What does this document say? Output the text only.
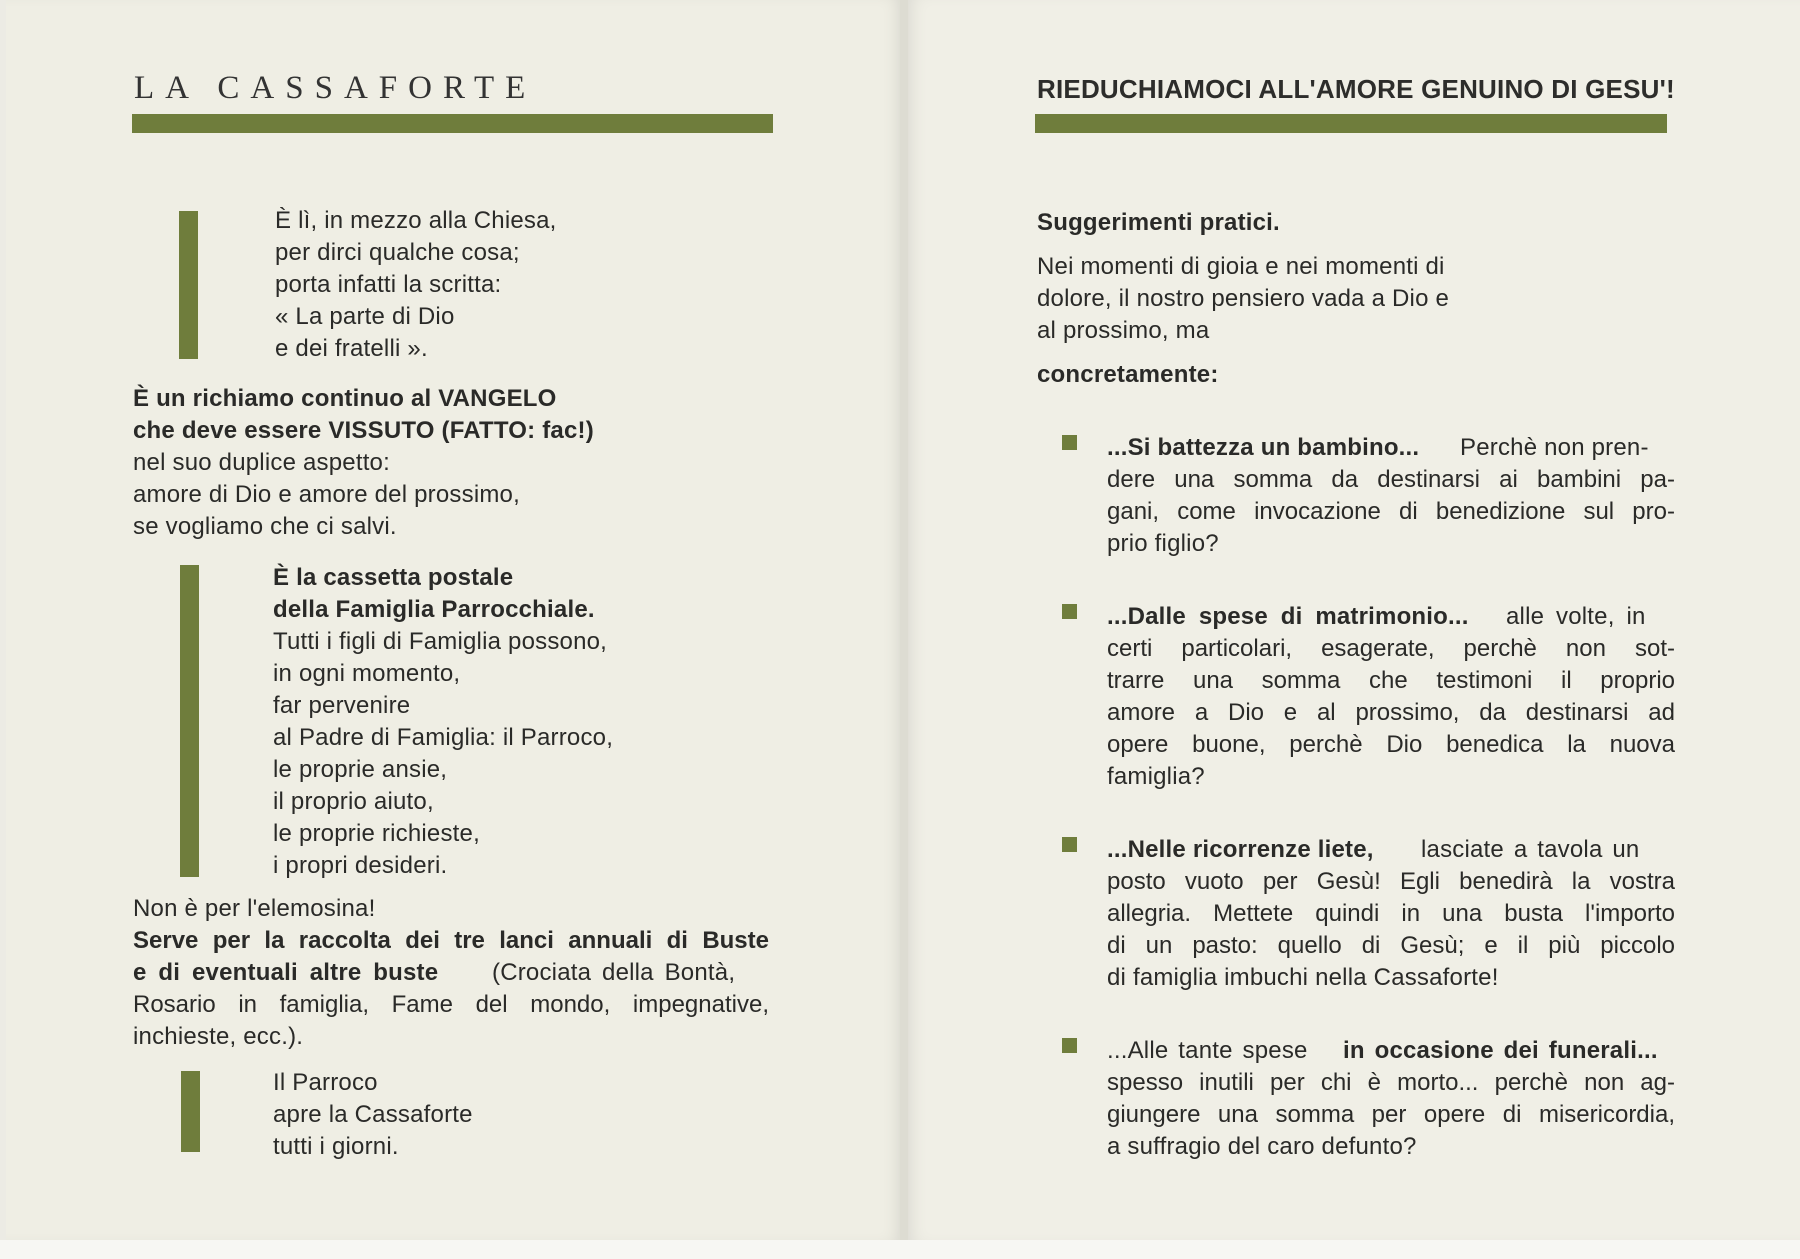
LA CASSAFORTE
È lì, in mezzo alla Chiesa,
per dirci qualche cosa;
porta infatti la scritta:
« La parte di Dio
e dei fratelli ».
È un richiamo continuo al VANGELO
che deve essere VISSUTO (FATTO: fac!)
nel suo duplice aspetto:
amore di Dio e amore del prossimo,
se vogliamo che ci salvi.
È la cassetta postale
della Famiglia Parrocchiale.
Tutti i figli di Famiglia possono,
in ogni momento,
far pervenire
al Padre di Famiglia: il Parroco,
le proprie ansie,
il proprio aiuto,
le proprie richieste,
i propri desideri.
Non è per l'elemosina!
Serve per la raccolta dei tre lanci annuali di Buste
e di eventuali altre buste (Crociata della Bontà,
Rosario in famiglia, Fame del mondo, impegnative,
inchieste, ecc.).
Il Parroco
apre la Cassaforte
tutti i giorni.
RIEDUCHIAMOCI ALL'AMORE GENUINO DI GESU'!
Suggerimenti pratici.
Nei momenti di gioia e nei momenti di
dolore, il nostro pensiero vada a Dio e
al prossimo, ma
concretamente:
...Si battezza un bambino... Perchè non pren-
dere una somma da destinarsi ai bambini pa-
gani, come invocazione di benedizione sul pro-
prio figlio?
...Dalle spese di matrimonio... alle volte, in
certi particolari, esagerate, perchè non sot-
trarre una somma che testimoni il proprio
amore a Dio e al prossimo, da destinarsi ad
opere buone, perchè Dio benedica la nuova
famiglia?
...Nelle ricorrenze liete, lasciate a tavola un
posto vuoto per Gesù! Egli benedirà la vostra
allegria. Mettete quindi in una busta l'importo
di un pasto: quello di Gesù; e il più piccolo
di famiglia imbuchi nella Cassaforte!
...Alle tante spese in occasione dei funerali...
spesso inutili per chi è morto... perchè non ag-
giungere una somma per opere di misericordia,
a suffragio del caro defunto?
